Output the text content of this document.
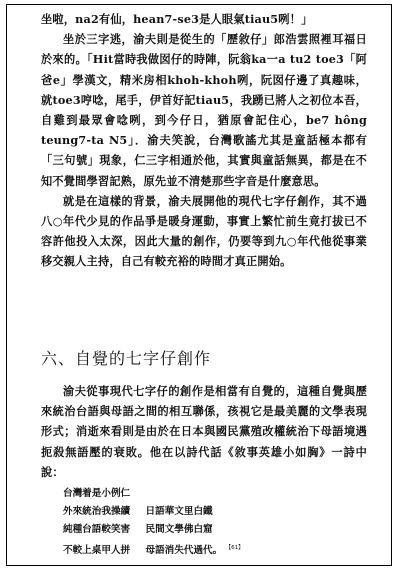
坐啦，na2有仙，hean7-se3是人眼氣tiau5咧！」

坐於三字逃，渝夫則是從生的「歷敘仔」郎浩雲照裡耳福日於來的。「Hit當時我做囡仔的時陣，阮翁ka一a tu2 toe3「阿爸e」學漢文，精米房相khoh-khoh咧，阮囡仔邊了真趣味，就toe3哼唸，尾手，伊首好記tiau5，我踴已將人之初位本吾，自雞到最眾會唸咧，到今仔日，猶原會記住心，be7 hông teung7-ta N5」．渝夫笑說，台灣歌謠尤其是童話極本都有「三句號」現象，仁三字相通於他，其實與童話無異，都是在不知不覺間學習記熟，原先並不清楚那些字音是什麼意思。

就是在這樣的背景，渝夫展開他的現代七字仔創作，其不過八○年代少見的作品爭是暖身運動，事實上繁忙前生竟打拔已不容許他投入太深，因此大量的創作，仍要等到九○年代他從事業移交親人主持，自己有較充裕的時間才真正開始。

六、自覺的七字仔創作

渝夫從事現代七字仔的創作是相當有自覺的，這種自覺與歷來統治台語與母語之間的相互聯係，孩視它是最美麗的文學表現形式；消逝來看則是由於在日本與國民黨殖改權統治下母語境遇扼殺無語壓的衰敗。他在以詩代話《敘事英雄小如胸》一詩中說：

台灣着是小例仁
外來統治我操續 日語華文里白鐵
純種台語較笑害 民間文學佛白窟
不較上桌甲人拼 母語消失代過代。 $^{【61】}$
